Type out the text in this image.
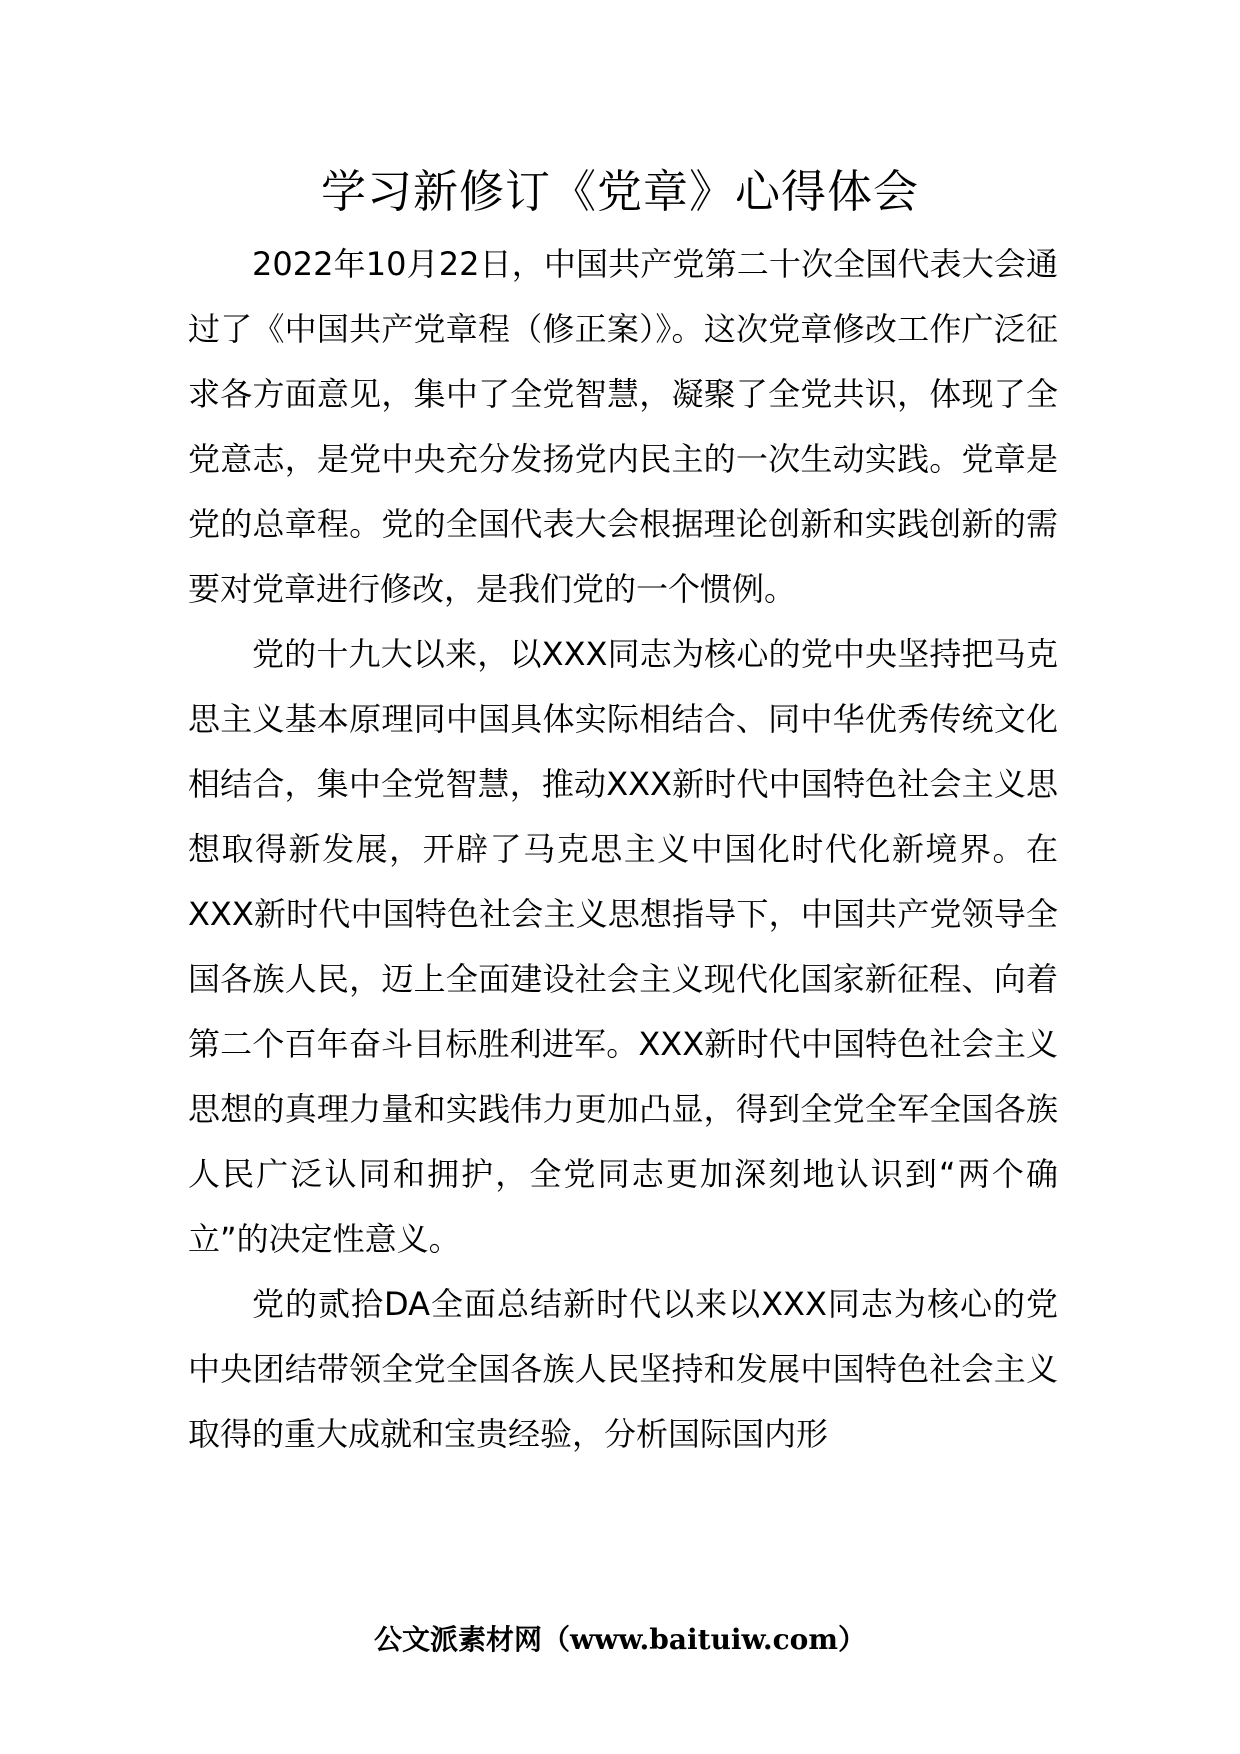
学习新修订《党章》心得体会

2022年10月22日，中国共产党第二十次全国代表大会通过了《中国共产党章程（修正案）》。这次党章修改工作广泛征求各方面意见，集中了全党智慧，凝聚了全党共识，体现了全党意志，是党中央充分发扬党内民主的一次生动实践。党章是党的总章程。党的全国代表大会根据理论创新和实践创新的需要对党章进行修改，是我们党的一个惯例。

党的十九大以来，以XXX同志为核心的党中央坚持把马克思主义基本原理同中国具体实际相结合、同中华优秀传统文化相结合，集中全党智慧，推动XXX新时代中国特色社会主义思想取得新发展，开辟了马克思主义中国化时代化新境界。在XXX新时代中国特色社会主义思想指导下，中国共产党领导全国各族人民，迈上全面建设社会主义现代化国家新征程、向着第二个百年奋斗目标胜利进军。XXX新时代中国特色社会主义思想的真理力量和实践伟力更加凸显，得到全党全军全国各族人民广泛认同和拥护，全党同志更加深刻地认识到“两个确立”的决定性意义。

党的贰拾DA全面总结新时代以来以XXX同志为核心的党中央团结带领全党全国各族人民坚持和发展中国特色社会主义取得的重大成就和宝贵经验，分析国际国内形

公文派素材网（www.baituiw.com）
